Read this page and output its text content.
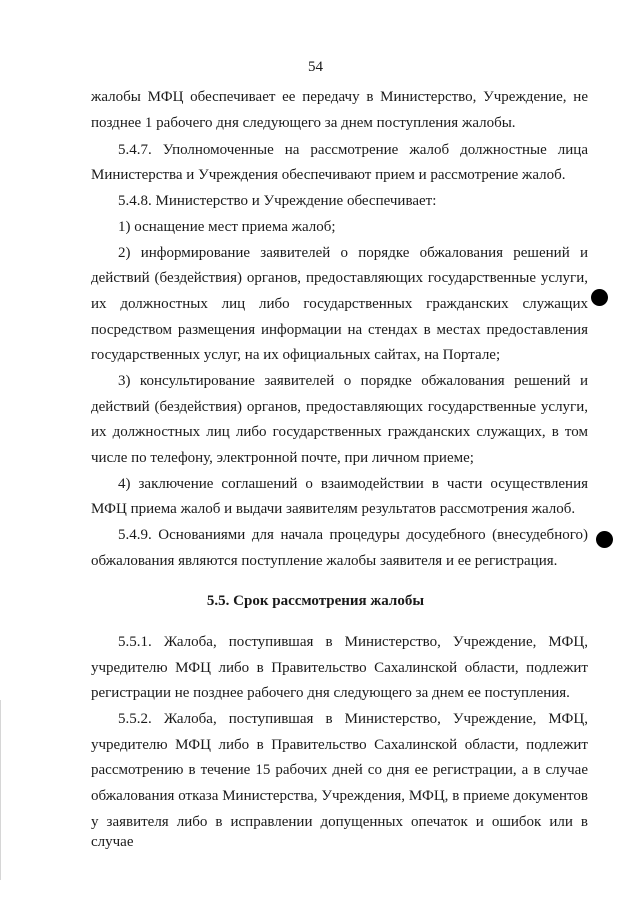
54
жалобы МФЦ обеспечивает ее передачу в Министерство, Учреждение, не
позднее 1 рабочего дня следующего за днем поступления жалобы.
5.4.7. Уполномоченные на рассмотрение жалоб должностные лица
Министерства и Учреждения обеспечивают прием и рассмотрение жалоб.
5.4.8. Министерство и Учреждение обеспечивает:
1) оснащение мест приема жалоб;
2) информирование заявителей о порядке обжалования решений и
действий (бездействия) органов, предоставляющих государственные услуги,
их должностных лиц либо государственных гражданских служащих
посредством размещения информации на стендах в местах предоставления
государственных услуг, на их официальных сайтах, на Портале;
3) консультирование заявителей о порядке обжалования решений и
действий (бездействия) органов, предоставляющих государственные услуги,
их должностных лиц либо государственных гражданских служащих, в том
числе по телефону, электронной почте, при личном приеме;
4) заключение соглашений о взаимодействии в части осуществления
МФЦ приема жалоб и выдачи заявителям результатов рассмотрения жалоб.
5.4.9. Основаниями для начала процедуры досудебного (внесудебного)
обжалования являются поступление жалобы заявителя и ее регистрация.
5.5. Срок рассмотрения жалобы
5.5.1. Жалоба, поступившая в Министерство, Учреждение, МФЦ,
учредителю МФЦ либо в Правительство Сахалинской области, подлежит
регистрации не позднее рабочего дня следующего за днем ее поступления.
5.5.2. Жалоба, поступившая в Министерство, Учреждение, МФЦ,
учредителю МФЦ либо в Правительство Сахалинской области, подлежит
рассмотрению в течение 15 рабочих дней со дня ее регистрации, а в случае
обжалования отказа Министерства, Учреждения, МФЦ, в приеме документов
у заявителя либо в исправлении допущенных опечаток и ошибок или в случае
